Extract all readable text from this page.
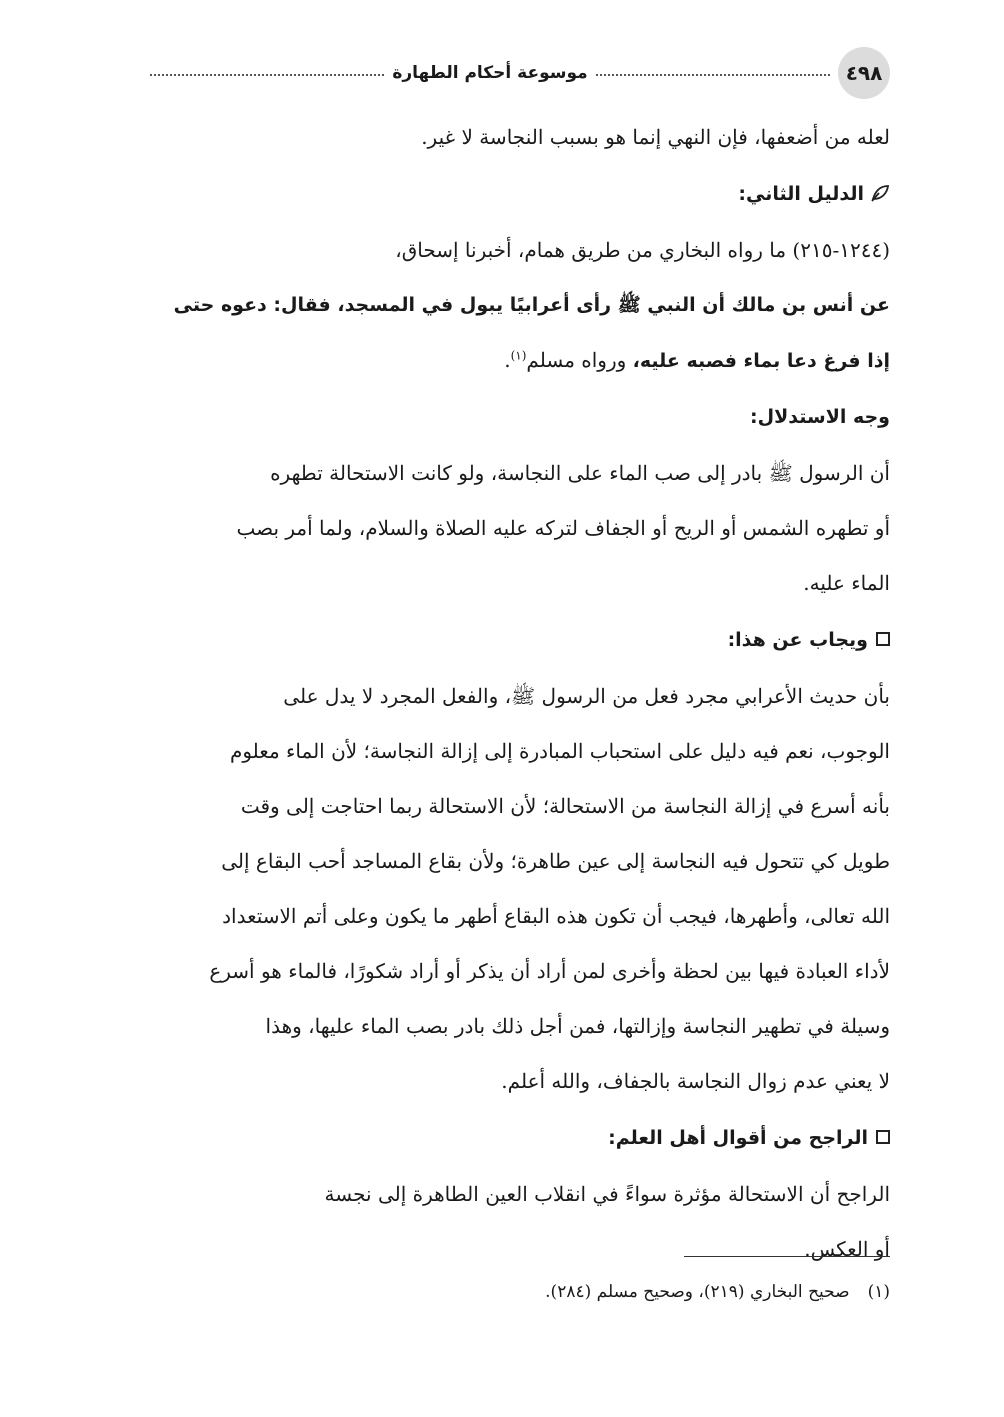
٤٩٨
موسوعة أحكام الطهارة
لعله من أضعفها، فإن النهي إنما هو بسبب النجاسة لا غير.
الدليل الثاني:
(١٢٤٤-٢١٥) ما رواه البخاري من طريق همام، أخبرنا إسحاق،
عن أنس بن مالك أن النبي ﷺ رأى أعرابيًا يبول في المسجد، فقال: دعوه حتى
إذا فرغ دعا بماء فصبه عليه، ورواه مسلم$^{(١)}$.
وجه الاستدلال:
أن الرسول ﷺ بادر إلى صب الماء على النجاسة، ولو كانت الاستحالة تطهره
أو تطهره الشمس أو الريح أو الجفاف لتركه عليه الصلاة والسلام، ولما أمر بصب
الماء عليه.
ويجاب عن هذا:
بأن حديث الأعرابي مجرد فعل من الرسول ﷺ، والفعل المجرد لا يدل على
الوجوب، نعم فيه دليل على استحباب المبادرة إلى إزالة النجاسة؛ لأن الماء معلوم
بأنه أسرع في إزالة النجاسة من الاستحالة؛ لأن الاستحالة ربما احتاجت إلى وقت
طويل كي تتحول فيه النجاسة إلى عين طاهرة؛ ولأن بقاع المساجد أحب البقاع إلى
الله تعالى، وأطهرها، فيجب أن تكون هذه البقاع أطهر ما يكون وعلى أتم الاستعداد
لأداء العبادة فيها بين لحظة وأخرى لمن أراد أن يذكر أو أراد شكورًا، فالماء هو أسرع
وسيلة في تطهير النجاسة وإزالتها، فمن أجل ذلك بادر بصب الماء عليها، وهذا
لا يعني عدم زوال النجاسة بالجفاف، والله أعلم.
الراجح من أقوال أهل العلم:
الراجح أن الاستحالة مؤثرة سواءً في انقلاب العين الطاهرة إلى نجسة
أو العكس.
(١)صحيح البخاري (٢١٩)، وصحيح مسلم (٢٨٤).
